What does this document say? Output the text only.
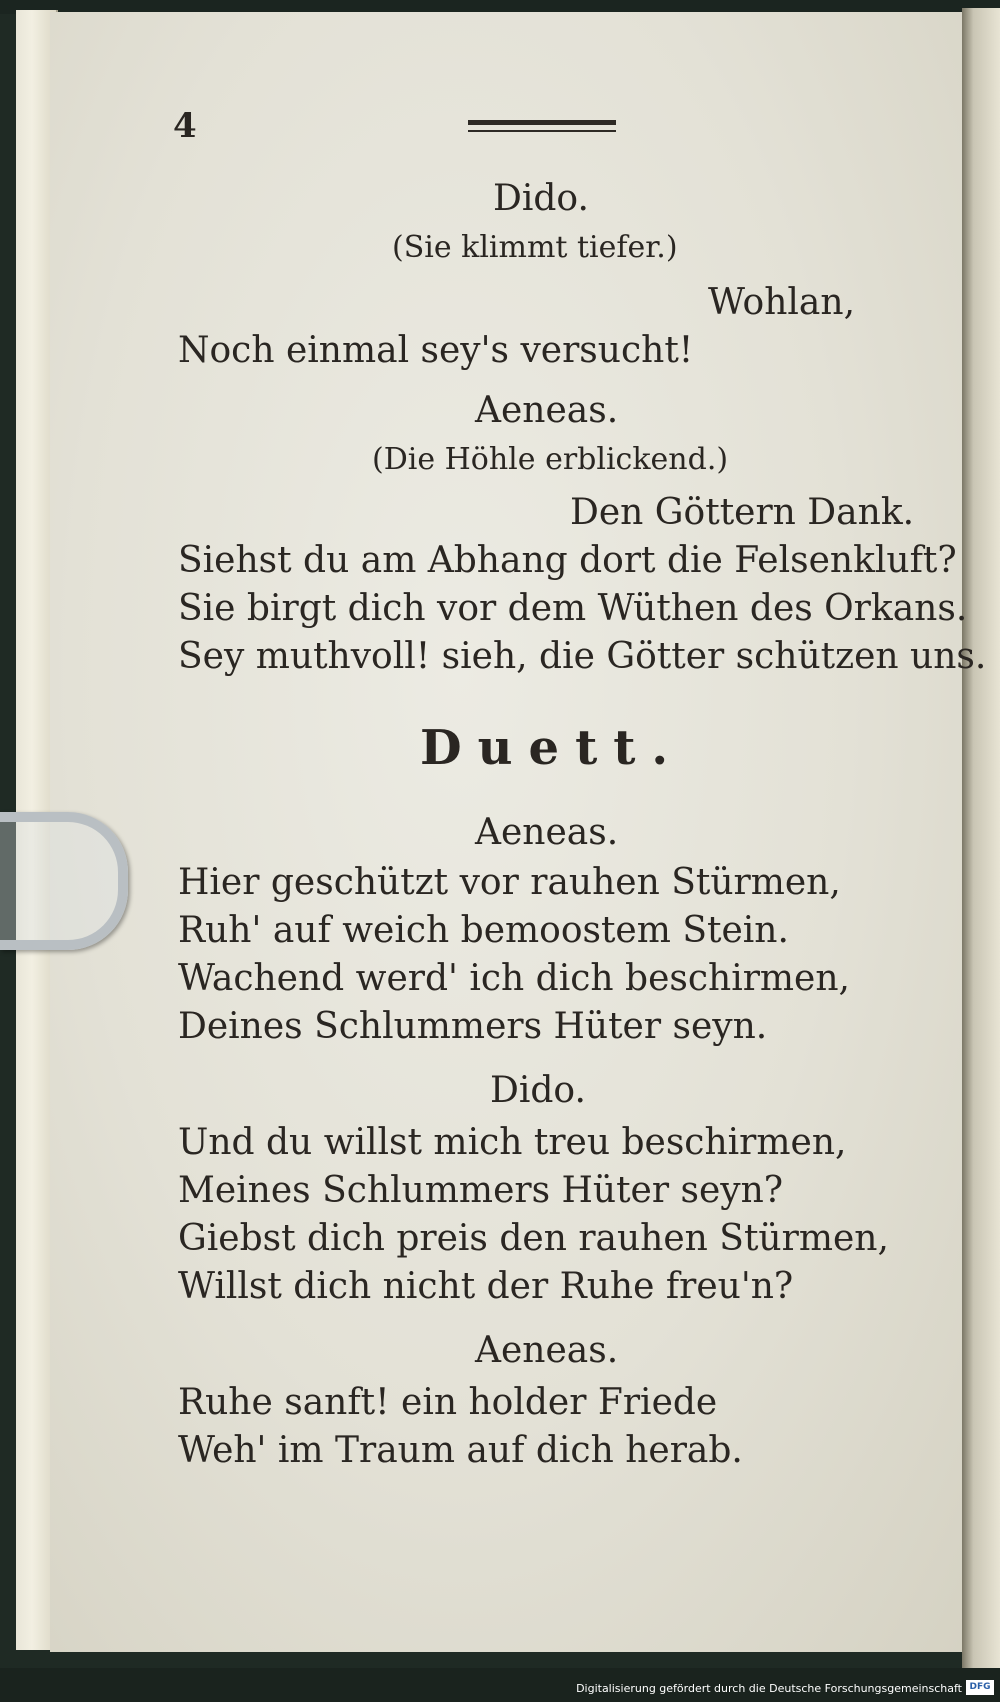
4
Dido.
(Sie klimmt tiefer.)
Wohlan,
Noch einmal sey's versucht!
Aeneas.
(Die Höhle erblickend.)
Den Göttern Dank.
Siehst du am Abhang dort die Felsenkluft?
Sie birgt dich vor dem Wüthen des Orkans.
Sey muthvoll! sieh, die Götter schützen uns.
Duett.
Aeneas.
Hier geschützt vor rauhen Stürmen,
Ruh' auf weich bemoostem Stein.
Wachend werd' ich dich beschirmen,
Deines Schlummers Hüter seyn.
Dido.
Und du willst mich treu beschirmen,
Meines Schlummers Hüter seyn?
Giebst dich preis den rauhen Stürmen,
Willst dich nicht der Ruhe freu'n?
Aeneas.
Ruhe sanft! ein holder Friede
Weh' im Traum auf dich herab.
Digitalisierung gefördert durch die Deutsche Forschungsgemeinschaft DFG
